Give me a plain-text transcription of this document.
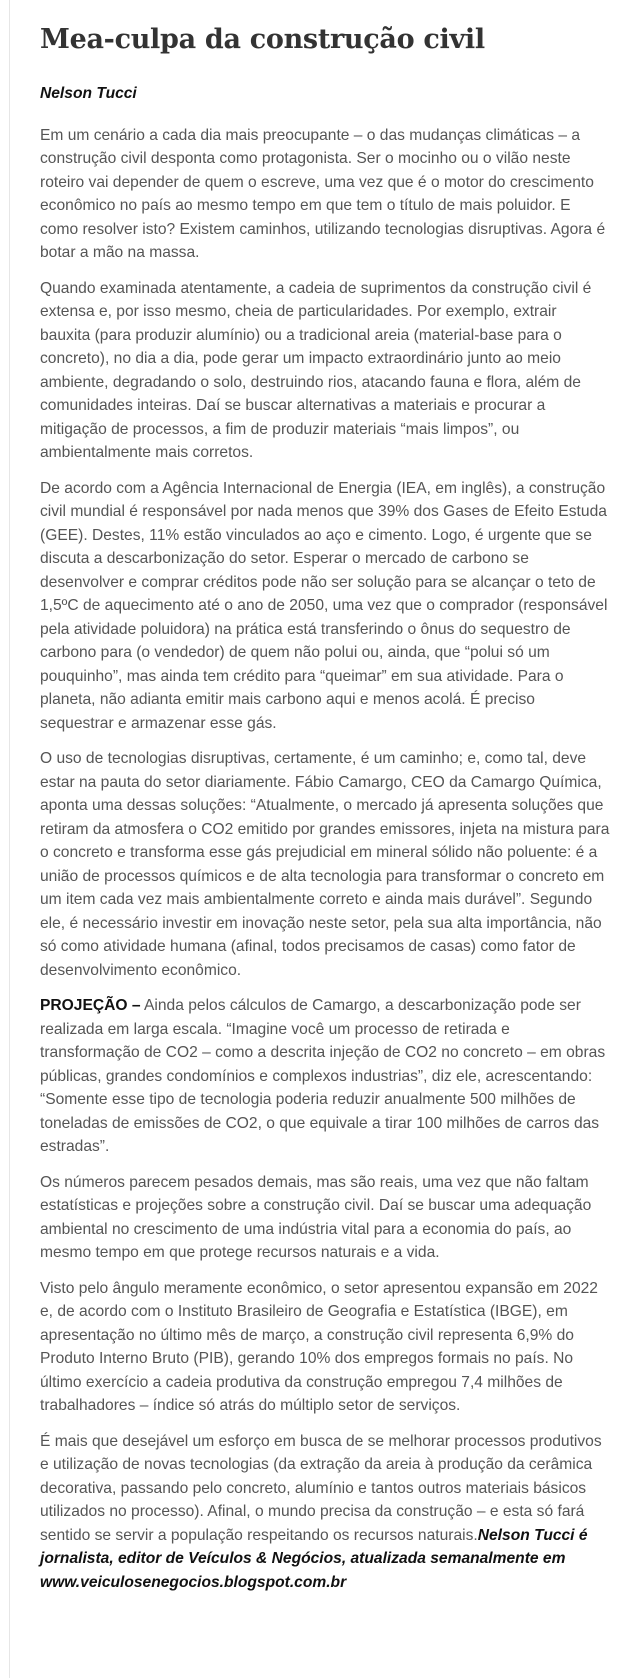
Mea-culpa da construção civil
Nelson Tucci

Em um cenário a cada dia mais preocupante – o das mudanças climáticas – a construção civil desponta como protagonista. Ser o mocinho ou o vilão neste roteiro vai depender de quem o escreve, uma vez que é o motor do crescimento econômico no país ao mesmo tempo em que tem o título de mais poluidor. E como resolver isto? Existem caminhos, utilizando tecnologias disruptivas. Agora é botar a mão na massa.

Quando examinada atentamente, a cadeia de suprimentos da construção civil é extensa e, por isso mesmo, cheia de particularidades. Por exemplo, extrair bauxita (para produzir alumínio) ou a tradicional areia (material-base para o concreto), no dia a dia, pode gerar um impacto extraordinário junto ao meio ambiente, degradando o solo, destruindo rios, atacando fauna e flora, além de comunidades inteiras. Daí se buscar alternativas a materiais e procurar a mitigação de processos, a fim de produzir materiais “mais limpos”, ou ambientalmente mais corretos.

De acordo com a Agência Internacional de Energia (IEA, em inglês), a construção civil mundial é responsável por nada menos que 39% dos Gases de Efeito Estuda (GEE). Destes, 11% estão vinculados ao aço e cimento. Logo, é urgente que se discuta a descarbonização do setor. Esperar o mercado de carbono se desenvolver e comprar créditos pode não ser solução para se alcançar o teto de 1,5ºC de aquecimento até o ano de 2050, uma vez que o comprador (responsável pela atividade poluidora) na prática está transferindo o ônus do sequestro de carbono para (o vendedor) de quem não polui ou, ainda, que “polui só um pouquinho”, mas ainda tem crédito para “queimar” em sua atividade. Para o planeta, não adianta emitir mais carbono aqui e menos acolá. É preciso sequestrar e armazenar esse gás.

O uso de tecnologias disruptivas, certamente, é um caminho; e, como tal, deve estar na pauta do setor diariamente. Fábio Camargo, CEO da Camargo Química, aponta uma dessas soluções: “Atualmente, o mercado já apresenta soluções que retiram da atmosfera o CO2 emitido por grandes emissores, injeta na mistura para o concreto e transforma esse gás prejudicial em mineral sólido não poluente: é a união de processos químicos e de alta tecnologia para transformar o concreto em um item cada vez mais ambientalmente correto e ainda mais durável”. Segundo ele, é necessário investir em inovação neste setor, pela sua alta importância, não só como atividade humana (afinal, todos precisamos de casas) como fator de desenvolvimento econômico.

PROJEÇÃO – Ainda pelos cálculos de Camargo, a descarbonização pode ser realizada em larga escala. “Imagine você um processo de retirada e transformação de CO2 – como a descrita injeção de CO2 no concreto – em obras públicas, grandes condomínios e complexos industrias”, diz ele, acrescentando: “Somente esse tipo de tecnologia poderia reduzir anualmente 500 milhões de toneladas de emissões de CO2, o que equivale a tirar 100 milhões de carros das estradas”.

Os números parecem pesados demais, mas são reais, uma vez que não faltam estatísticas e projeções sobre a construção civil. Daí se buscar uma adequação ambiental no crescimento de uma indústria vital para a economia do país, ao mesmo tempo em que protege recursos naturais e a vida.

Visto pelo ângulo meramente econômico, o setor apresentou expansão em 2022 e, de acordo com o Instituto Brasileiro de Geografia e Estatística (IBGE), em apresentação no último mês de março, a construção civil representa 6,9% do Produto Interno Bruto (PIB), gerando 10% dos empregos formais no país. No último exercício a cadeia produtiva da construção empregou 7,4 milhões de trabalhadores – índice só atrás do múltiplo setor de serviços.

É mais que desejável um esforço em busca de se melhorar processos produtivos e utilização de novas tecnologias (da extração da areia à produção da cerâmica decorativa, passando pelo concreto, alumínio e tantos outros materiais básicos utilizados no processo). Afinal, o mundo precisa da construção – e esta só fará sentido se servir a população respeitando os recursos naturais.Nelson Tucci é jornalista, editor de Veículos & Negócios, atualizada semanalmente em www.veiculosenegocios.blogspot.com.br
